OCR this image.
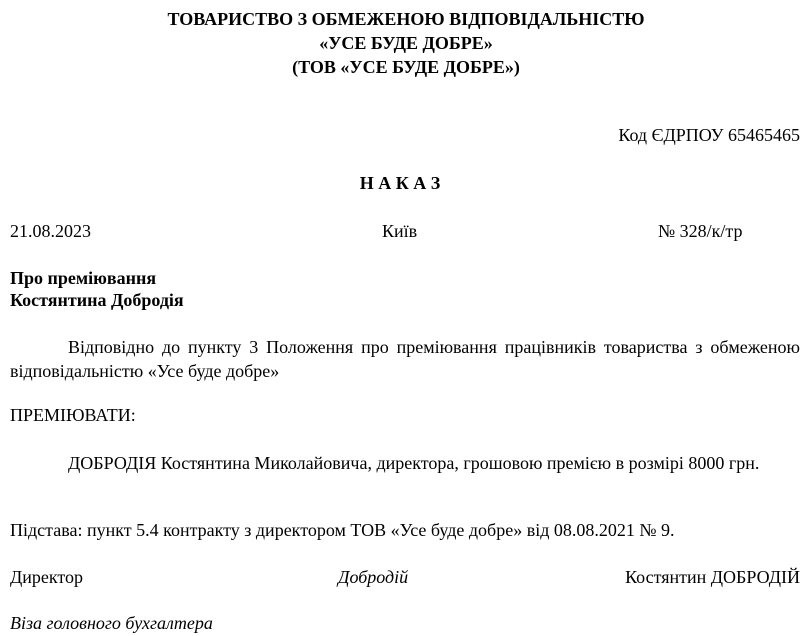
ТОВАРИСТВО З ОБМЕЖЕНОЮ ВІДПОВІДАЛЬНІСТЮ
«УСЕ БУДЕ ДОБРЕ»
(ТОВ «УСЕ БУДЕ ДОБРЕ»)
Код ЄДРПОУ 65465465
Н А К А З
21.08.2023	Київ	№ 328/к/тр
Про преміювання
Костянтина Добродія
Відповідно до пункту 3 Положення про преміювання працівників товариства з обмеженою відповідальністю «Усе буде добре»
ПРЕМІЮВАТИ:
ДОБРОДІЯ Костянтина Миколайовича, директора, грошовою премією в розмірі 8000 грн.
Підстава: пункт 5.4 контракту з директором ТОВ «Усе буде добре» від 08.08.2021 № 9.
Директор	Добродій	Костянтин ДОБРОДІЙ
Віза головного бухгалтера
